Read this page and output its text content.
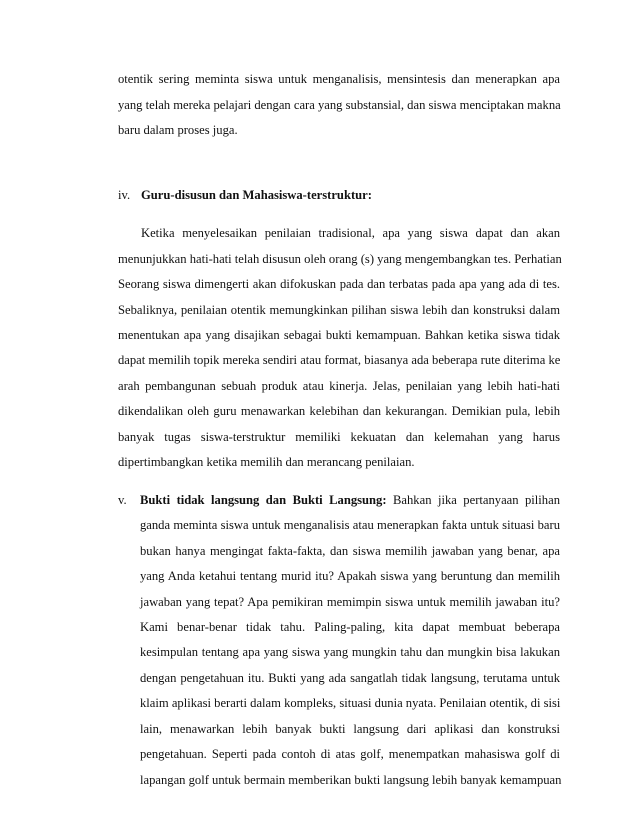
otentik sering meminta siswa untuk menganalisis, mensintesis dan menerapkan apa
yang telah mereka pelajari dengan cara yang substansial, dan siswa menciptakan makna
baru dalam proses juga.
iv. Guru-disusun dan Mahasiswa-terstruktur:
Ketika menyelesaikan penilaian tradisional, apa yang siswa dapat dan akan
menunjukkan hati-hati telah disusun oleh orang (s) yang mengembangkan tes. Perhatian
Seorang siswa dimengerti akan difokuskan pada dan terbatas pada apa yang ada di tes.
Sebaliknya, penilaian otentik memungkinkan pilihan siswa lebih dan konstruksi dalam
menentukan apa yang disajikan sebagai bukti kemampuan. Bahkan ketika siswa tidak
dapat memilih topik mereka sendiri atau format, biasanya ada beberapa rute diterima ke
arah pembangunan sebuah produk atau kinerja. Jelas, penilaian yang lebih hati-hati
dikendalikan oleh guru menawarkan kelebihan dan kekurangan. Demikian pula, lebih
banyak tugas siswa-terstruktur memiliki kekuatan dan kelemahan yang harus
dipertimbangkan ketika memilih dan merancang penilaian.
v. Bukti tidak langsung dan Bukti Langsung: Bahkan jika pertanyaan pilihan
ganda meminta siswa untuk menganalisis atau menerapkan fakta untuk situasi baru
bukan hanya mengingat fakta-fakta, dan siswa memilih jawaban yang benar, apa
yang Anda ketahui tentang murid itu? Apakah siswa yang beruntung dan memilih
jawaban yang tepat? Apa pemikiran memimpin siswa untuk memilih jawaban itu?
Kami benar-benar tidak tahu. Paling-paling, kita dapat membuat beberapa
kesimpulan tentang apa yang siswa yang mungkin tahu dan mungkin bisa lakukan
dengan pengetahuan itu. Bukti yang ada sangatlah tidak langsung, terutama untuk
klaim aplikasi berarti dalam kompleks, situasi dunia nyata. Penilaian otentik, di sisi
lain, menawarkan lebih banyak bukti langsung dari aplikasi dan konstruksi
pengetahuan. Seperti pada contoh di atas golf, menempatkan mahasiswa golf di
lapangan golf untuk bermain memberikan bukti langsung lebih banyak kemampuan
